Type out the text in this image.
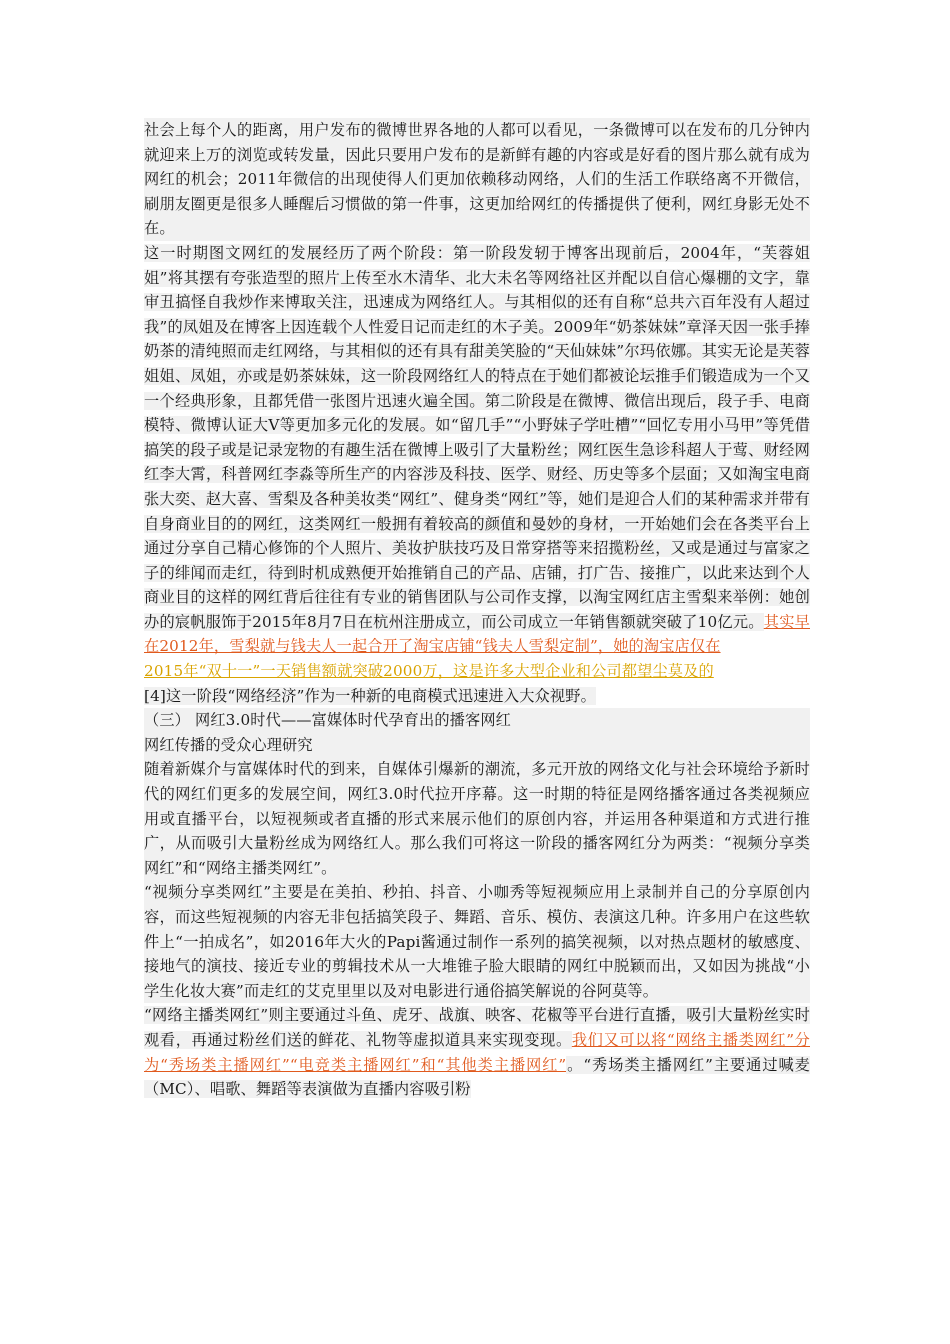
社会上每个人的距离，用户发布的微博世界各地的人都可以看见，一条微博可以在发布的几分钟内就迎来上万的浏览或转发量，因此只要用户发布的是新鲜有趣的内容或是好看的图片那么就有成为网红的机会；2011年微信的出现使得人们更加依赖移动网络，人们的生活工作联络离不开微信，刷朋友圈更是很多人睡醒后习惯做的第一件事，这更加给网红的传播提供了便利，网红身影无处不在。

这一时期图文网红的发展经历了两个阶段：第一阶段发轫于博客出现前后，2004年，“芙蓉姐姐”将其摆有夸张造型的照片上传至水木清华、北大未名等网络社区并配以自信心爆棚的文字，靠审丑搞怪自我炒作来博取关注，迅速成为网络红人。与其相似的还有自称“总共六百年没有人超过我”的凤姐及在博客上因连载个人性爱日记而走红的木子美。2009年“奶茶妹妹”章泽天因一张手捧奶茶的清纯照而走红网络，与其相似的还有具有甜美笑脸的“天仙妹妹”尔玛依娜。其实无论是芙蓉姐姐、凤姐，亦或是奶茶妹妹，这一阶段网络红人的特点在于她们都被论坛推手们锻造成为一个又一个经典形象，且都凭借一张图片迅速火遍全国。第二阶段是在微博、微信出现后，段子手、电商模特、微博认证大V等更加多元化的发展。如“留几手”“小野妹子学吐槽”“回忆专用小马甲”等凭借搞笑的段子或是记录宠物的有趣生活在微博上吸引了大量粉丝；网红医生急诊科超人于莺、财经网红李大霄，科普网红李淼等所生产的内容涉及科技、医学、财经、历史等多个层面；又如淘宝电商张大奕、赵大喜、雪梨及各种美妆类“网红”、健身类“网红”等，她们是迎合人们的某种需求并带有自身商业目的的网红，这类网红一般拥有着较高的颜值和曼妙的身材，一开始她们会在各类平台上通过分享自己精心修饰的个人照片、美妆护肤技巧及日常穿搭等来招揽粉丝，又或是通过与富家之子的绯闻而走红，待到时机成熟便开始推销自己的产品、店铺，打广告、接推广，以此来达到个人商业目的这样的网红背后往往有专业的销售团队与公司作支撑，以淘宝网红店主雪梨来举例：她创办的宸帆服饰于2015年8月7日在杭州注册成立，而公司成立一年销售额就突破了10亿元。其实早在2012年，雪梨就与钱夫人一起合开了淘宝店铺“钱夫人雪梨定制”，她的淘宝店仅在
2015年“双十一”一天销售额就突破2000万，这是许多大型企业和公司都望尘莫及的
[4]这一阶段“网络经济”作为一种新的电商模式迅速进入大众视野。

（三） 网红3.0时代——富媒体时代孕育出的播客网红

网红传播的受众心理研究

随着新媒介与富媒体时代的到来，自媒体引爆新的潮流，多元开放的网络文化与社会环境给予新时代的网红们更多的发展空间，网红3.0时代拉开序幕。这一时期的特征是网络播客通过各类视频应用或直播平台，以短视频或者直播的形式来展示他们的原创内容，并运用各种渠道和方式进行推广，从而吸引大量粉丝成为网络红人。那么我们可将这一阶段的播客网红分为两类：“视频分享类网红”和“网络主播类网红”。

“视频分享类网红”主要是在美拍、秒拍、抖音、小咖秀等短视频应用上录制并自己的分享原创内容，而这些短视频的内容无非包括搞笑段子、舞蹈、音乐、模仿、表演这几种。许多用户在这些软件上“一拍成名”，如2016年大火的Papi酱通过制作一系列的搞笑视频，以对热点题材的敏感度、接地气的演技、接近专业的剪辑技术从一大堆锥子脸大眼睛的网红中脱颖而出，又如因为挑战“小学生化妆大赛”而走红的艾克里里以及对电影进行通俗搞笑解说的谷阿莫等。

“网络主播类网红”则主要通过斗鱼、虎牙、战旗、映客、花椒等平台进行直播，吸引大量粉丝实时观看，再通过粉丝们送的鲜花、礼物等虚拟道具来实现变现。我们又可以将“网络主播类网红”分为“秀场类主播网红”“电竞类主播网红”和“其他类主播网红”。“秀场类主播网红”主要通过喊麦（MC）、唱歌、舞蹈等表演做为直播内容吸引粉
